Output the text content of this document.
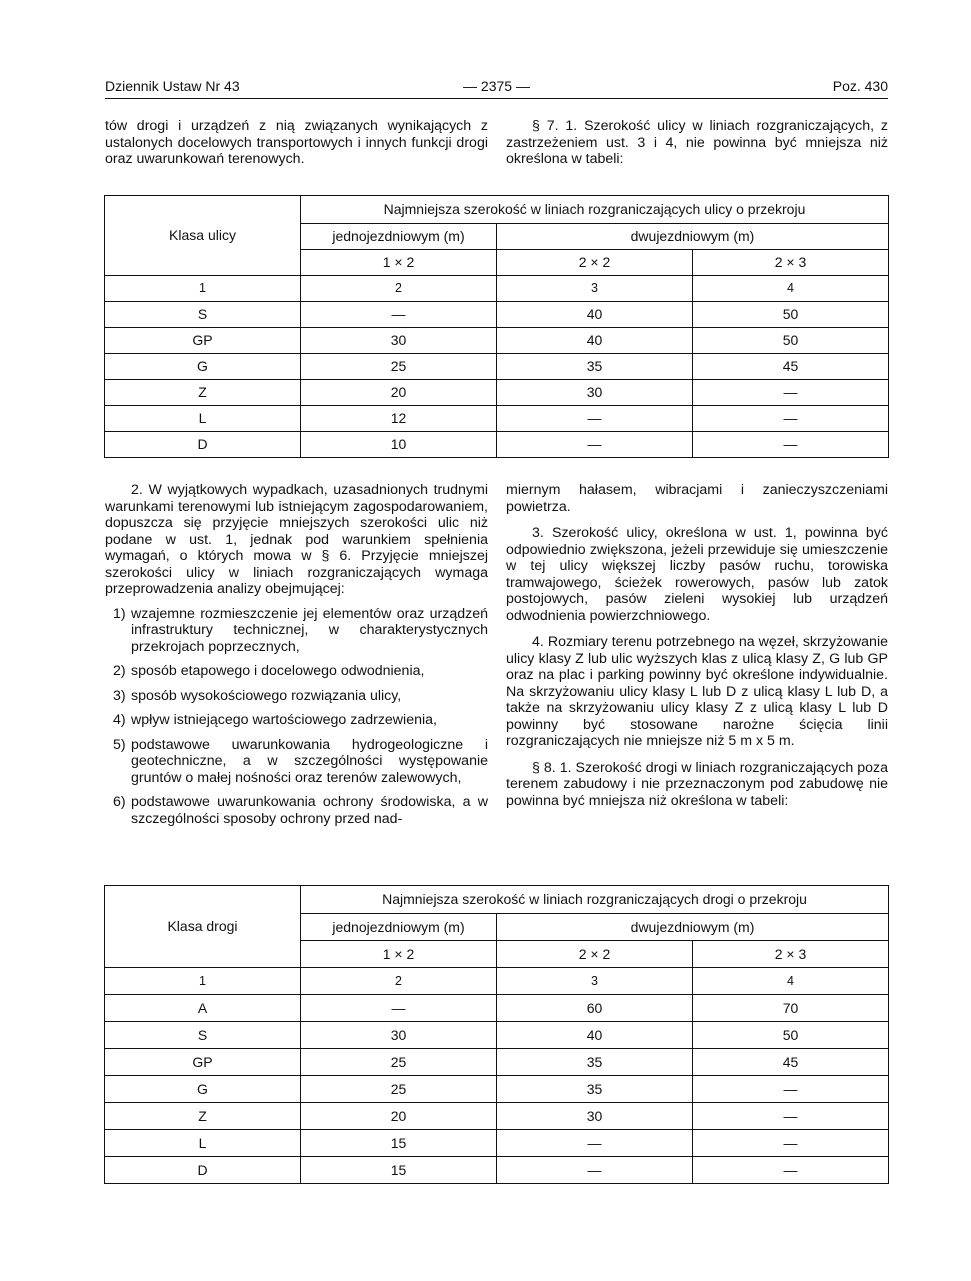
Dziennik Ustaw Nr 43	— 2375 —	Poz. 430

tów drogi i urządzeń z nią związanych wynikających z ustalonych docelowych transportowych i innych funkcji drogi oraz uwarunkowań terenowych.

§ 7. 1. Szerokość ulicy w liniach rozgraniczających, z zastrzeżeniem ust. 3 i 4, nie powinna być mniejsza niż określona w tabeli:

Klasa ulicy	Najmniejsza szerokość w liniach rozgraniczających ulicy o przekroju		
	jednojezdniowym (m)	dwujezdniowym (m)	
	1 × 2	2 × 2	2 × 3
1	2	3	4
S	—	40	50
GP	30	40	50
G	25	35	45
Z	20	30	—
L	12	—	—
D	10	—	—

2. W wyjątkowych wypadkach, uzasadnionych trudnymi warunkami terenowymi lub istniejącym zagospodarowaniem, dopuszcza się przyjęcie mniejszych szerokości ulic niż podane w ust. 1, jednak pod warunkiem spełnienia wymagań, o których mowa w § 6. Przyjęcie mniejszej szerokości ulicy w liniach rozgraniczających wymaga przeprowadzenia analizy obejmującej:

1) wzajemne rozmieszczenie jej elementów oraz urządzeń infrastruktury technicznej, w charakterystycznych przekrojach poprzecznych,
2) sposób etapowego i docelowego odwodnienia,
3) sposób wysokościowego rozwiązania ulicy,
4) wpływ istniejącego wartościowego zadrzewienia,
5) podstawowe uwarunkowania hydrogeologiczne i geotechniczne, a w szczególności występowanie gruntów o małej nośności oraz terenów zalewowych,
6) podstawowe uwarunkowania ochrony środowiska, a w szczególności sposoby ochrony przed nad-

miernym hałasem, wibracjami i zanieczyszczeniami powietrza.

3. Szerokość ulicy, określona w ust. 1, powinna być odpowiednio zwiększona, jeżeli przewiduje się umieszczenie w tej ulicy większej liczby pasów ruchu, torowiska tramwajowego, ścieżek rowerowych, pasów lub zatok postojowych, pasów zieleni wysokiej lub urządzeń odwodnienia powierzchniowego.

4. Rozmiary terenu potrzebnego na węzeł, skrzyżowanie ulicy klasy Z lub ulic wyższych klas z ulicą klasy Z, G lub GP oraz na plac i parking powinny być określone indywidualnie. Na skrzyżowaniu ulicy klasy L lub D z ulicą klasy L lub D, a także na skrzyżowaniu ulicy klasy Z z ulicą klasy L lub D powinny być stosowane narożne ścięcia linii rozgraniczających nie mniejsze niż 5 m x 5 m.

§ 8. 1. Szerokość drogi w liniach rozgraniczających poza terenem zabudowy i nie przeznaczonym pod zabudowę nie powinna być mniejsza niż określona w tabeli:

Klasa drogi	Najmniejsza szerokość w liniach rozgraniczających drogi o przekroju		
	jednojezdniowym (m)	dwujezdniowym (m)	
	1 × 2	2 × 2	2 × 3
1	2	3	4
A	—	60	70
S	30	40	50
GP	25	35	45
G	25	35	—
Z	20	30	—
L	15	—	—
D	15	—	—
